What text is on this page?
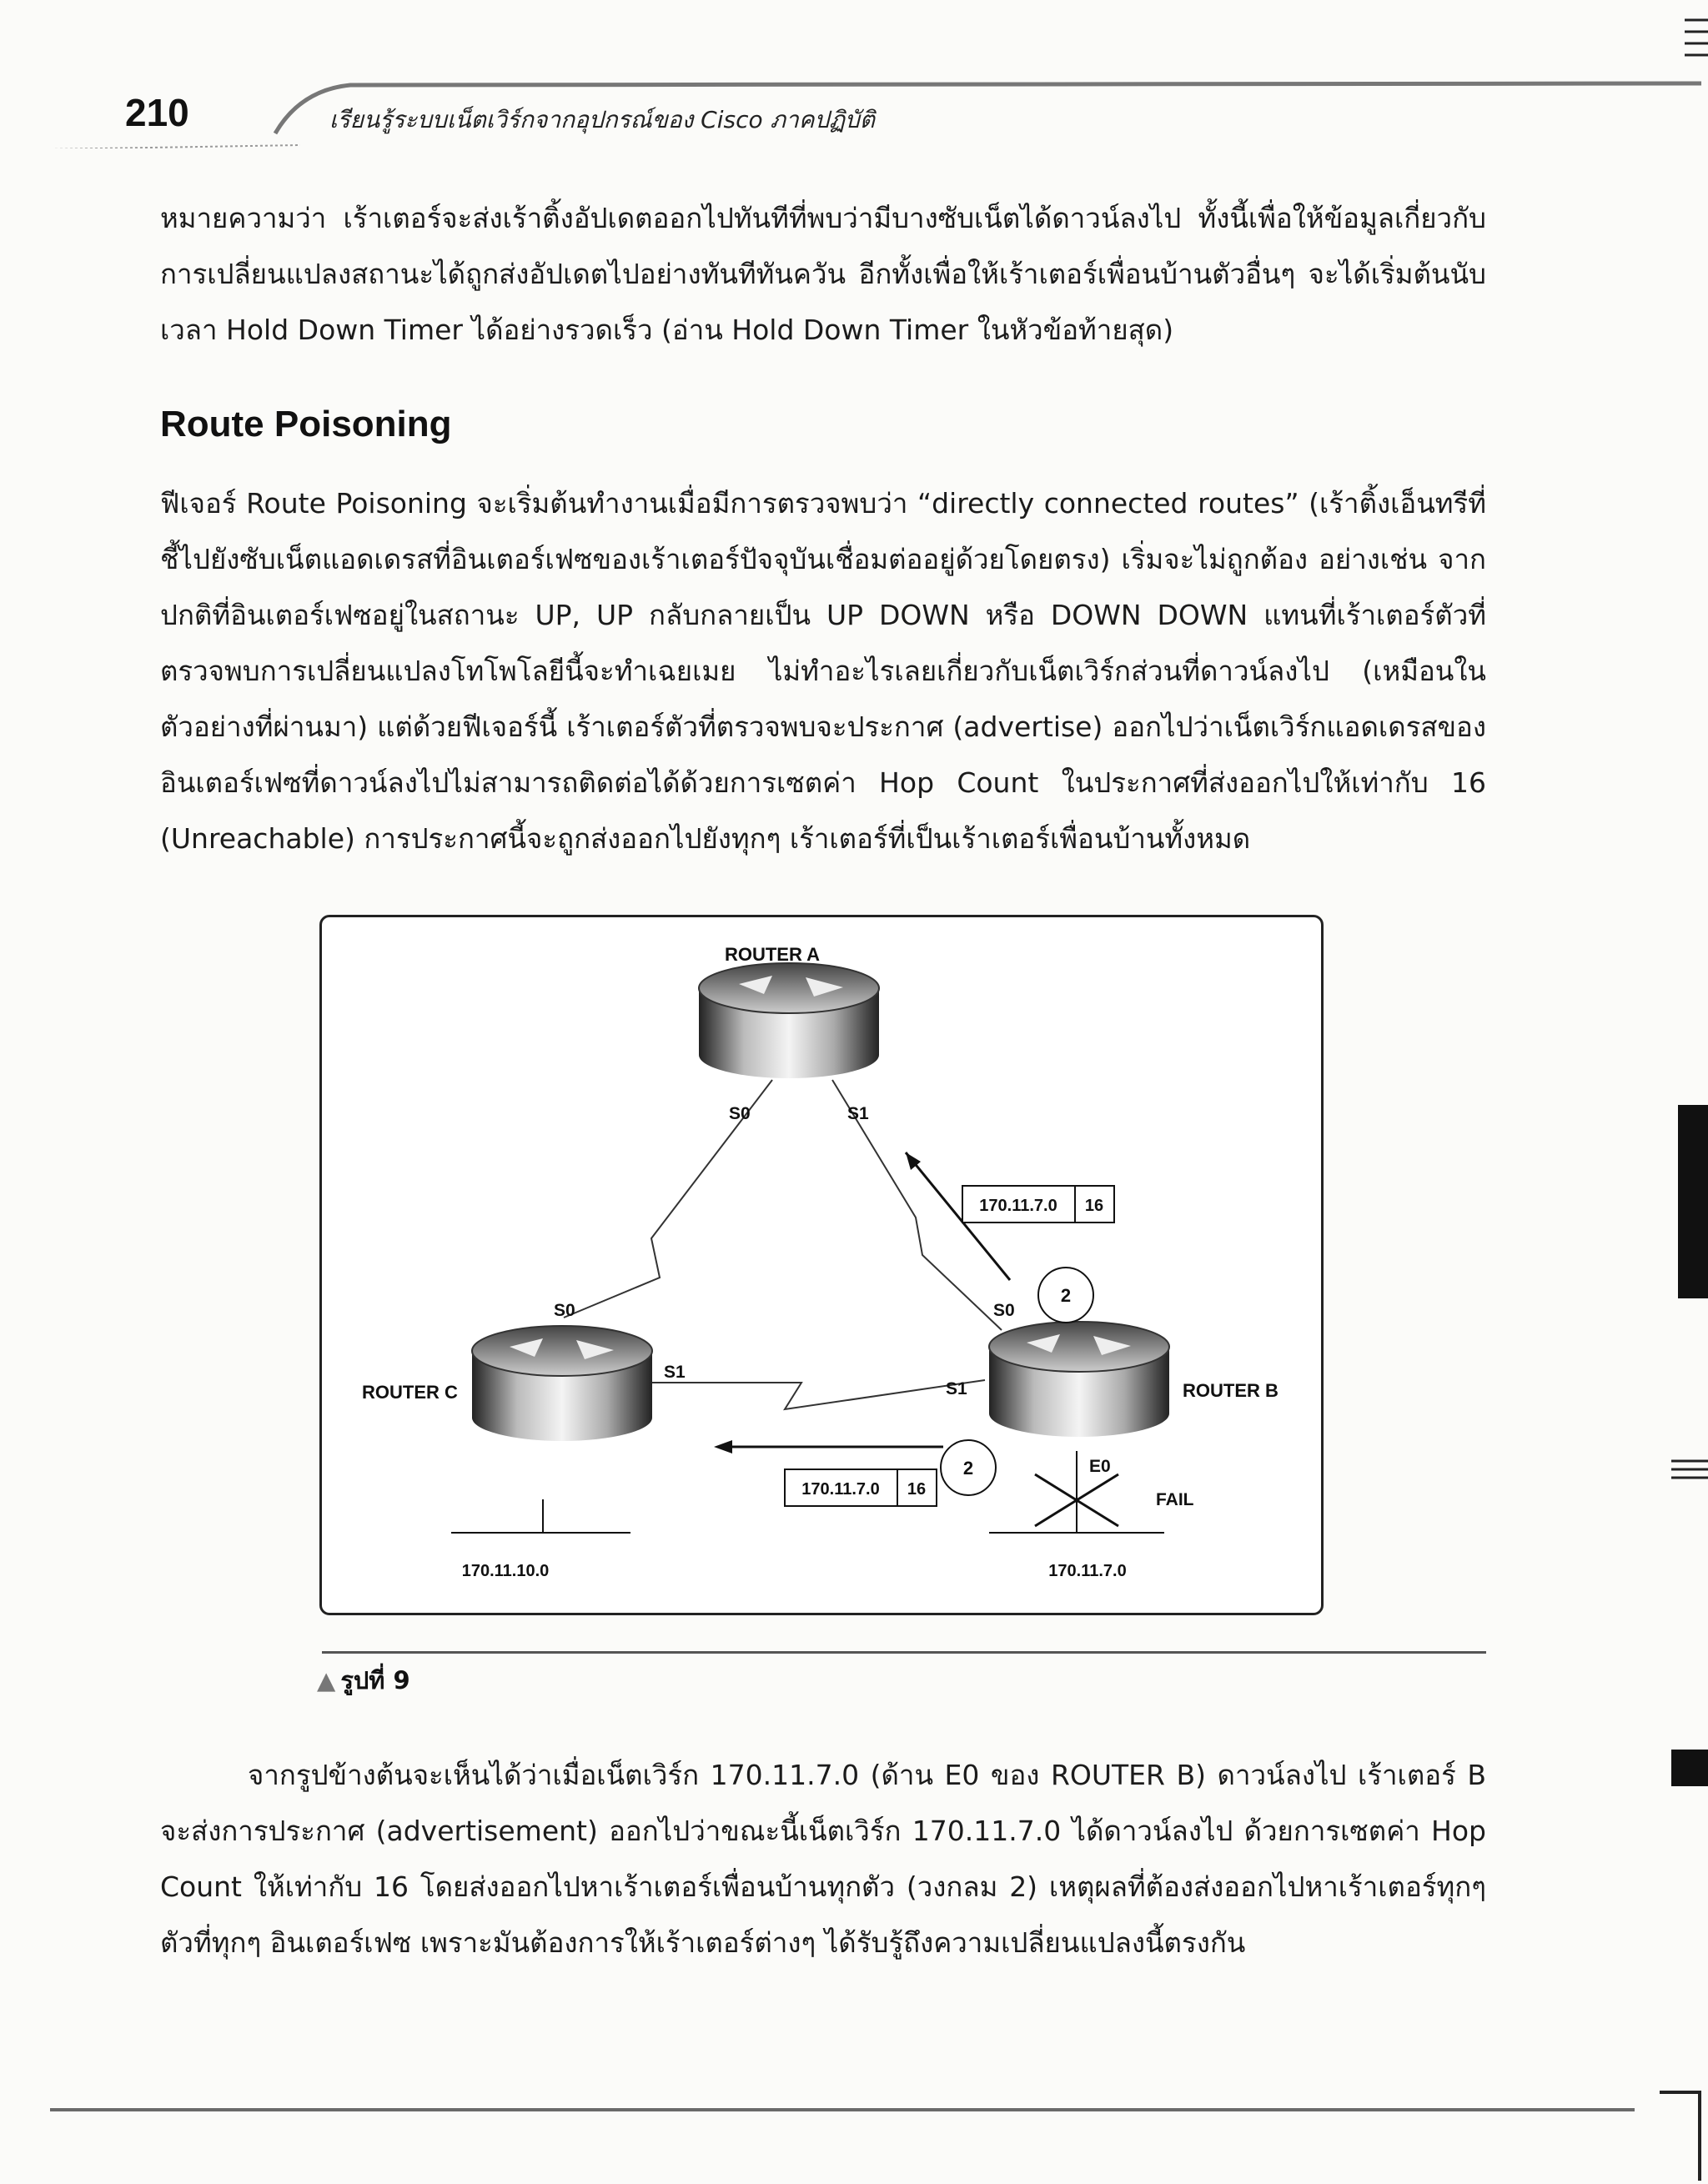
210	เรียนรู้ระบบเน็ตเวิร์กจากอุปกรณ์ของ Cisco ภาคปฏิบัติ

หมายความว่า เร้าเตอร์จะส่งเร้าติ้งอัปเดตออกไปทันทีที่พบว่ามีบางซับเน็ตได้ดาวน์ลงไป ทั้งนี้เพื่อให้ข้อมูลเกี่ยวกับการเปลี่ยนแปลงสถานะได้ถูกส่งอัปเดตไปอย่างทันทีทันควัน อีกทั้งเพื่อให้เร้าเตอร์เพื่อนบ้านตัวอื่นๆ จะได้เริ่มต้นนับเวลา Hold Down Timer ได้อย่างรวดเร็ว (อ่าน Hold Down Timer ในหัวข้อท้ายสุด)

Route Poisoning

ฟีเจอร์ Route Poisoning จะเริ่มต้นทำงานเมื่อมีการตรวจพบว่า “directly connected routes” (เร้าติ้งเอ็นทรีที่ชี้ไปยังซับเน็ตแอดเดรสที่อินเตอร์เฟซของเร้าเตอร์ปัจจุบันเชื่อมต่ออยู่ด้วยโดยตรง) เริ่มจะไม่ถูกต้อง อย่างเช่น จากปกติที่อินเตอร์เฟซอยู่ในสถานะ UP, UP กลับกลายเป็น UP DOWN หรือ DOWN DOWN แทนที่เร้าเตอร์ตัวที่ตรวจพบการเปลี่ยนแปลงโทโพโลยีนี้จะทำเฉยเมย ไม่ทำอะไรเลยเกี่ยวกับเน็ตเวิร์กส่วนที่ดาวน์ลงไป (เหมือนในตัวอย่างที่ผ่านมา) แต่ด้วยฟีเจอร์นี้ เร้าเตอร์ตัวที่ตรวจพบจะประกาศ (advertise) ออกไปว่าเน็ตเวิร์กแอดเดรสของอินเตอร์เฟซที่ดาวน์ลงไปไม่สามารถติดต่อได้ด้วยการเซตค่า Hop Count ในประกาศที่ส่งออกไปให้เท่ากับ 16 (Unreachable) การประกาศนี้จะถูกส่งออกไปยังทุกๆ เร้าเตอร์ที่เป็นเร้าเตอร์เพื่อนบ้านทั้งหมด

ROUTER A
ROUTER C	ROUTER B
S0	S1
S0
S1
S0
S1
E0
170.11.7.0 16
2
170.11.7.0 16
2
170.11.10.0
FAIL
170.11.7.0
▲ รูปที่ 9

จากรูปข้างต้นจะเห็นได้ว่าเมื่อเน็ตเวิร์ก 170.11.7.0 (ด้าน E0 ของ ROUTER B) ดาวน์ลงไป เร้าเตอร์ B จะส่งการประกาศ (advertisement) ออกไปว่าขณะนี้เน็ตเวิร์ก 170.11.7.0 ได้ดาวน์ลงไป ด้วยการเซตค่า Hop Count ให้เท่ากับ 16 โดยส่งออกไปหาเร้าเตอร์เพื่อนบ้านทุกตัว (วงกลม 2) เหตุผลที่ต้องส่งออกไปหาเร้าเตอร์ทุกๆ ตัวที่ทุกๆ อินเตอร์เฟซ เพราะมันต้องการให้เร้าเตอร์ต่างๆ ได้รับรู้ถึงความเปลี่ยนแปลงนี้ตรงกัน
